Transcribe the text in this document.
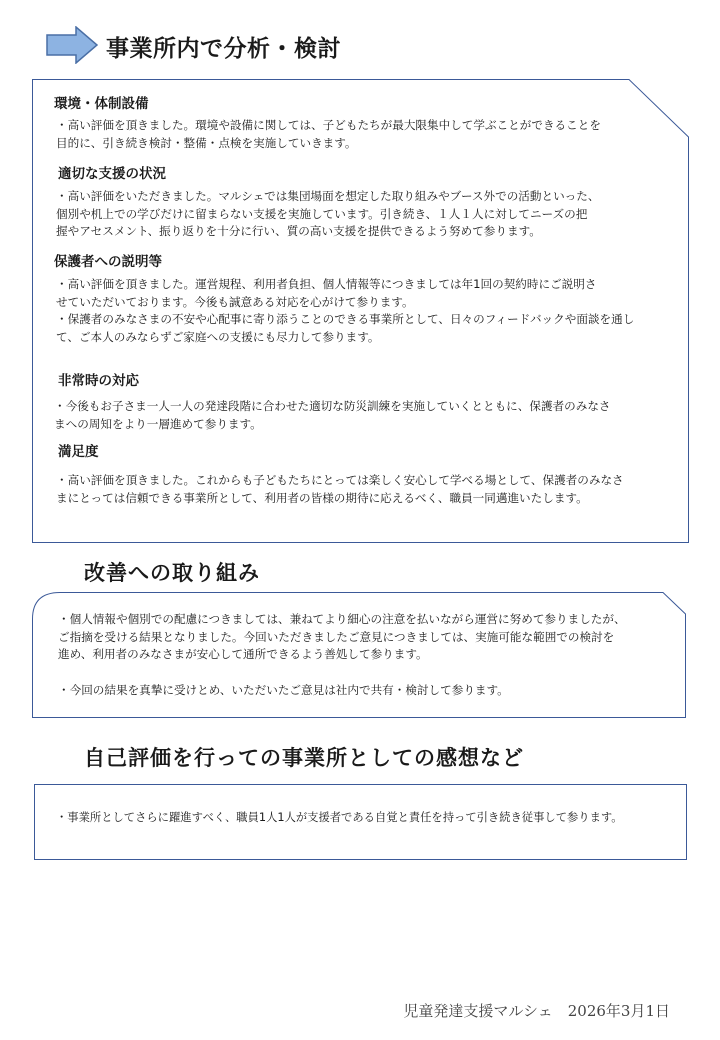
事業所内で分析・検討
環境・体制設備
・高い評価を頂きました。環境や設備に関しては、子どもたちが最大限集中して学ぶことができることを
目的に、引き続き検討・整備・点検を実施していきます。
適切な支援の状況
・高い評価をいただきました。マルシェでは集団場面を想定した取り組みやブース外での活動といった、
個別や机上での学びだけに留まらない支援を実施しています。引き続き、１人１人に対してニーズの把
握やアセスメント、振り返りを十分に行い、質の高い支援を提供できるよう努めて参ります。
保護者への説明等
・高い評価を頂きました。運営規程、利用者負担、個人情報等につきましては年1回の契約時にご説明さ
せていただいております。今後も誠意ある対応を心がけて参ります。
・保護者のみなさまの不安や心配事に寄り添うことのできる事業所として、日々のフィードバックや面談を通し
て、ご本人のみならずご家庭への支援にも尽力して参ります。
非常時の対応
・今後もお子さま一人一人の発達段階に合わせた適切な防災訓練を実施していくとともに、保護者のみなさ
まへの周知をより一層進めて参ります。
満足度
・高い評価を頂きました。これからも子どもたちにとっては楽しく安心して学べる場として、保護者のみなさ
まにとっては信頼できる事業所として、利用者の皆様の期待に応えるべく、職員一同邁進いたします。
改善への取り組み
・個人情報や個別での配慮につきましては、兼ねてより細心の注意を払いながら運営に努めて参りましたが、
ご指摘を受ける結果となりました。今回いただきましたご意見につきましては、実施可能な範囲での検討を
進め、利用者のみなさまが安心して通所できるよう善処して参ります。
・今回の結果を真摯に受けとめ、いただいたご意見は社内で共有・検討して参ります。
自己評価を行っての事業所としての感想など
・事業所としてさらに躍進すべく、職員1人1人が支援者である自覚と責任を持って引き続き従事して参ります。
児童発達支援マルシェ　2026年3月1日
